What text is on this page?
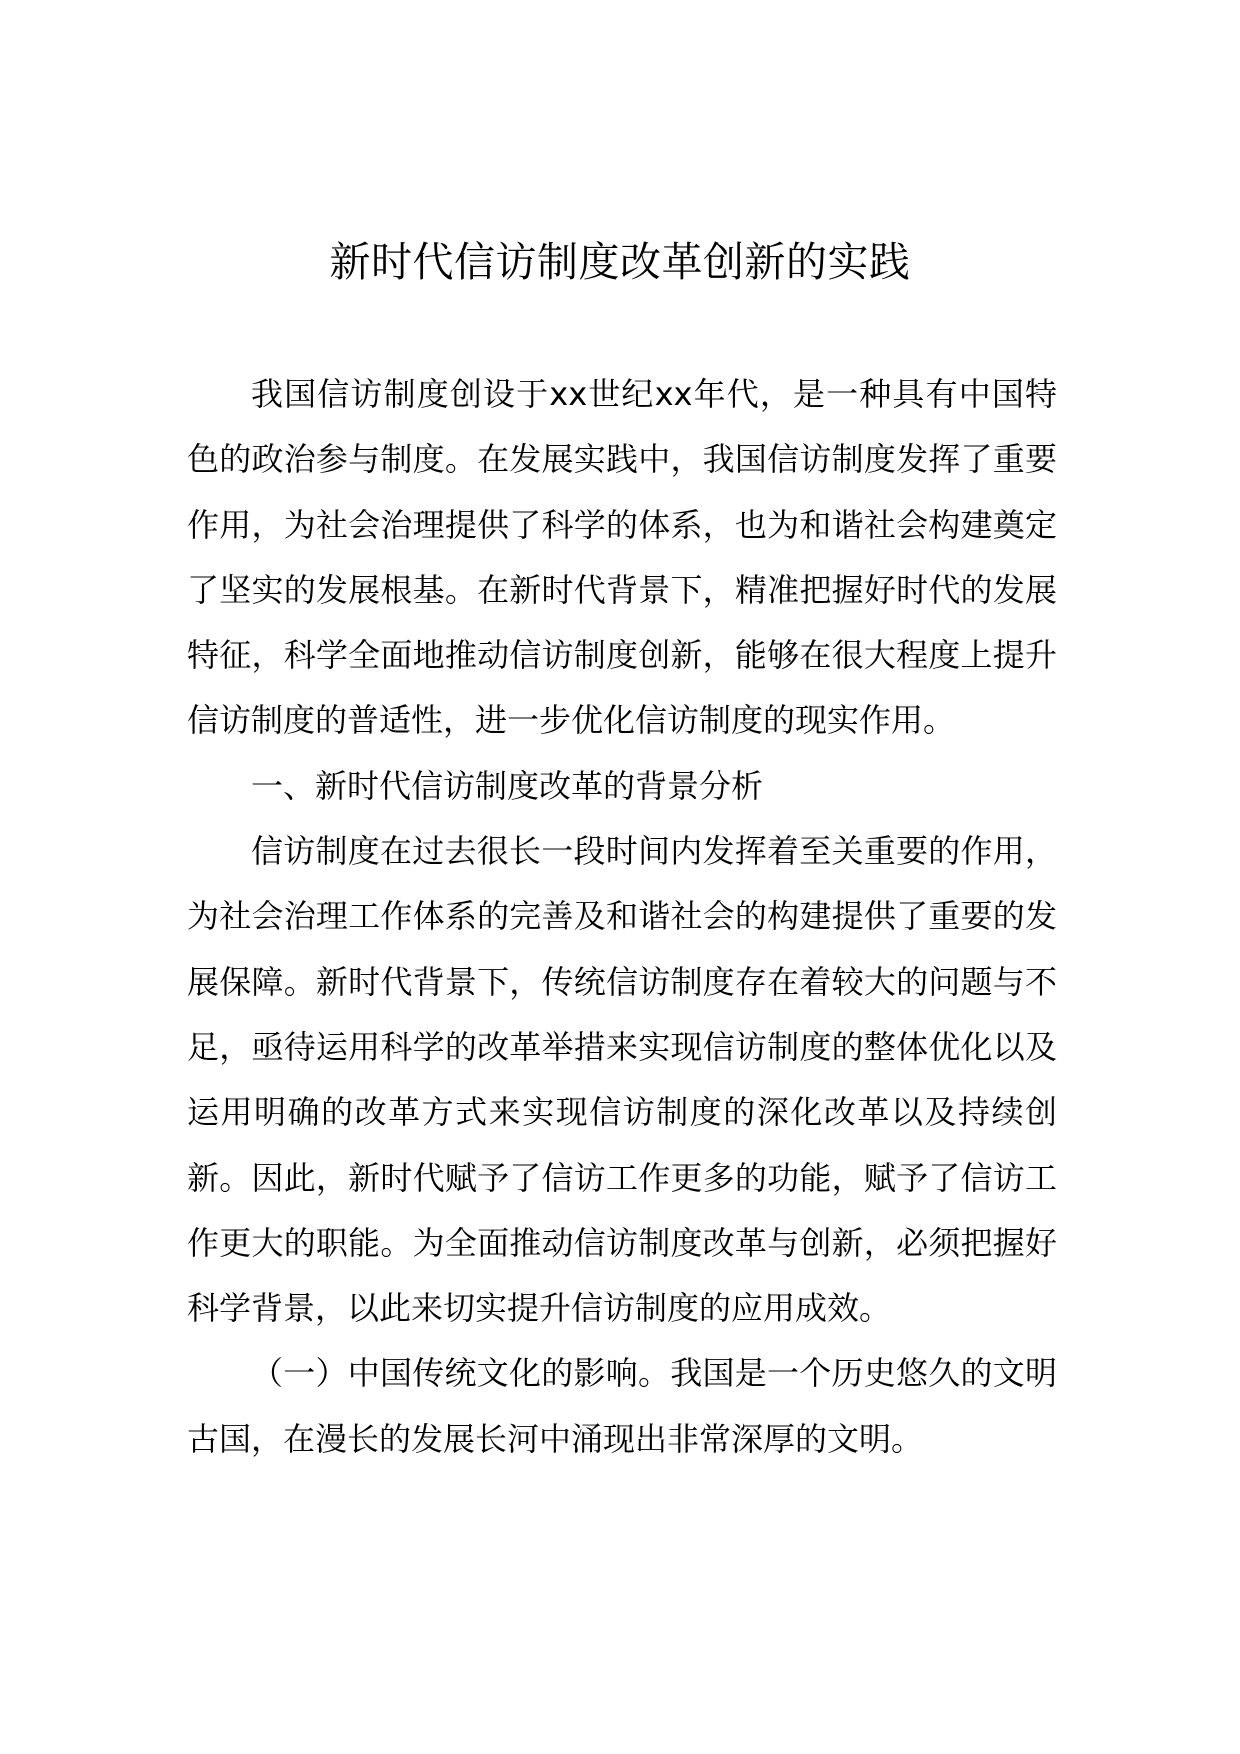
新时代信访制度改革创新的实践

我国信访制度创设于xx世纪xx年代，是一种具有中国特色的政治参与制度。在发展实践中，我国信访制度发挥了重要作用，为社会治理提供了科学的体系，也为和谐社会构建奠定了坚实的发展根基。在新时代背景下，精准把握好时代的发展特征，科学全面地推动信访制度创新，能够在很大程度上提升信访制度的普适性，进一步优化信访制度的现实作用。

一、新时代信访制度改革的背景分析

信访制度在过去很长一段时间内发挥着至关重要的作用，为社会治理工作体系的完善及和谐社会的构建提供了重要的发展保障。新时代背景下，传统信访制度存在着较大的问题与不足，亟待运用科学的改革举措来实现信访制度的整体优化以及运用明确的改革方式来实现信访制度的深化改革以及持续创新。因此，新时代赋予了信访工作更多的功能，赋予了信访工作更大的职能。为全面推动信访制度改革与创新，必须把握好科学背景，以此来切实提升信访制度的应用成效。

（一）中国传统文化的影响。我国是一个历史悠久的文明古国，在漫长的发展长河中涌现出非常深厚的文明。
